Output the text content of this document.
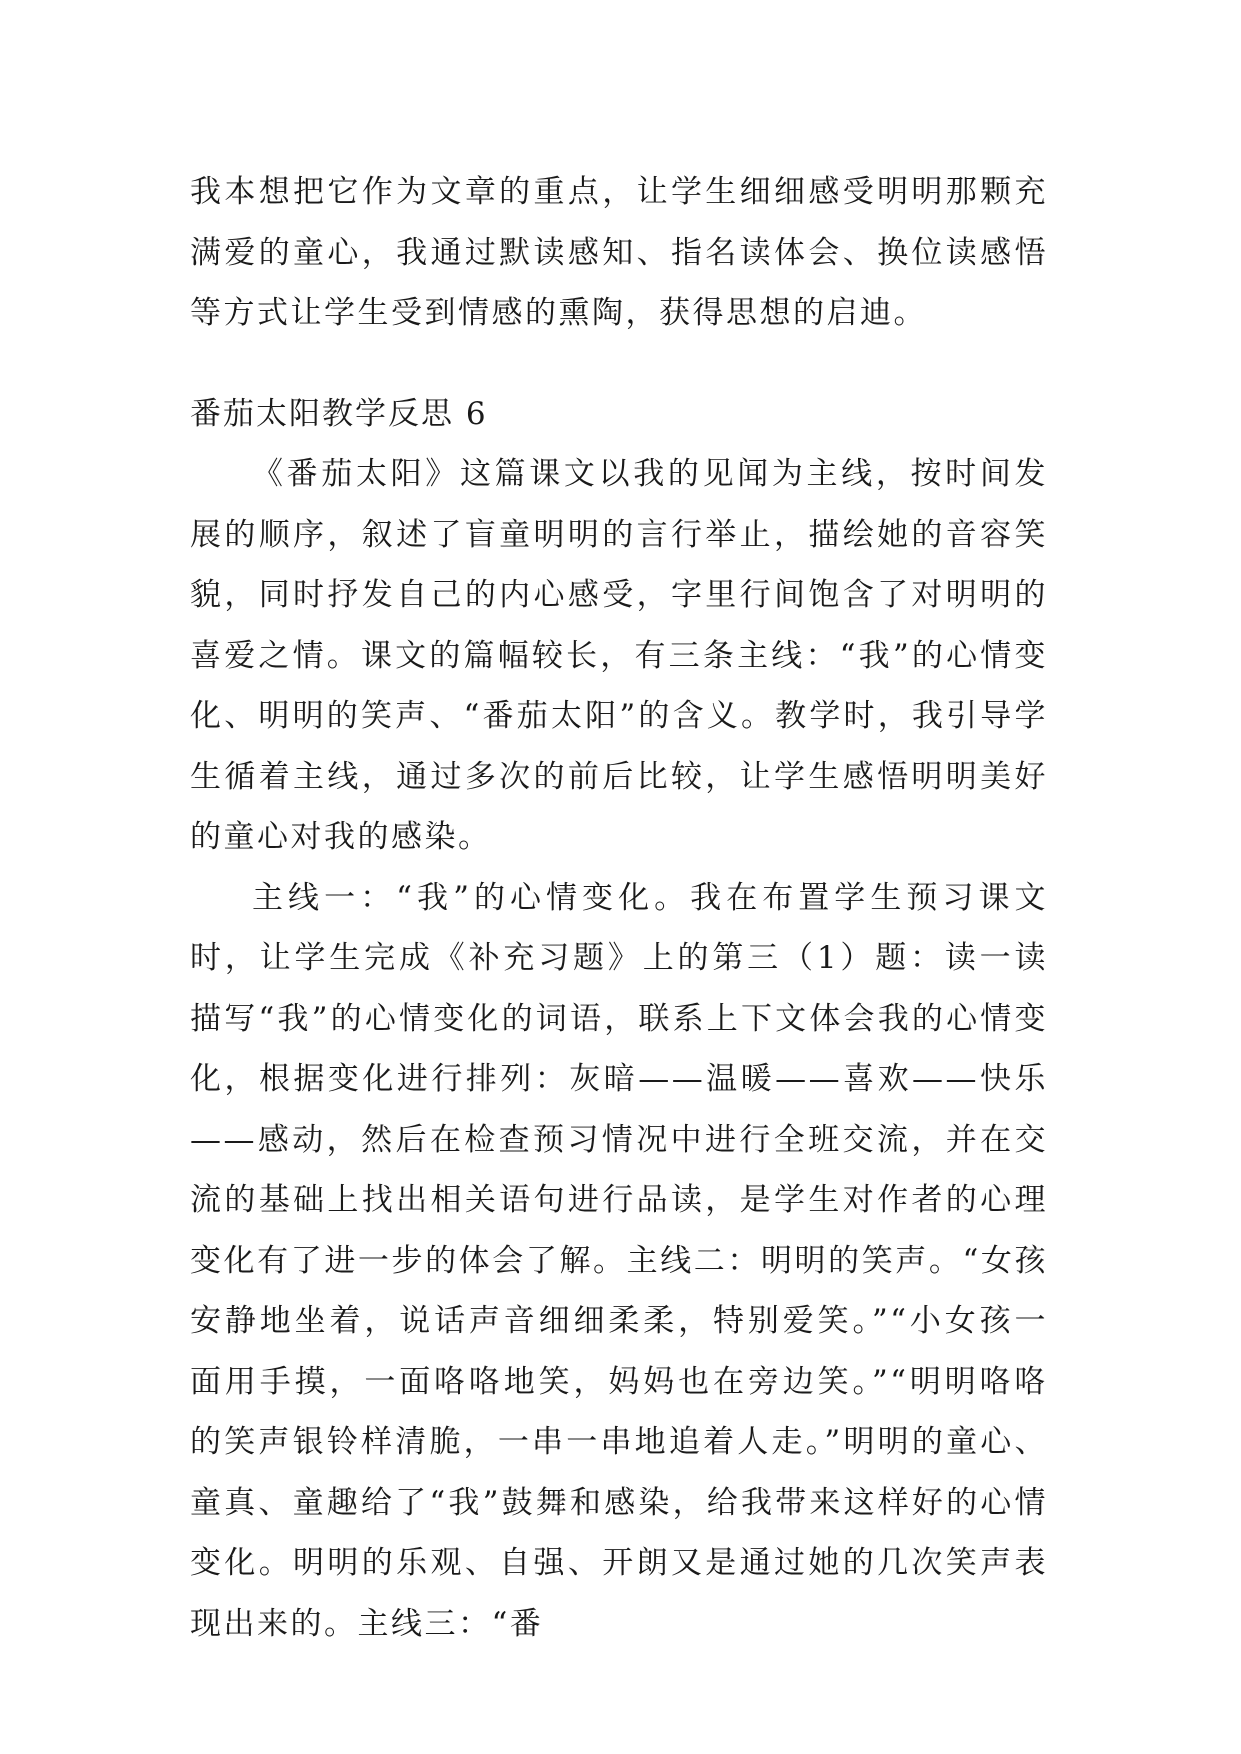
我本想把它作为文章的重点，让学生细细感受明明那颗充满爱的童心，我通过默读感知、指名读体会、换位读感悟等方式让学生受到情感的熏陶，获得思想的启迪。

番茄太阳教学反思 6

《番茄太阳》这篇课文以我的见闻为主线，按时间发展的顺序，叙述了盲童明明的言行举止，描绘她的音容笑貌，同时抒发自己的内心感受，字里行间饱含了对明明的喜爱之情。课文的篇幅较长，有三条主线：“我”的心情变化、明明的笑声、“番茄太阳”的含义。教学时，我引导学生循着主线，通过多次的前后比较，让学生感悟明明美好的童心对我的感染。

主线一：“我”的心情变化。我在布置学生预习课文时，让学生完成《补充习题》上的第三（1）题：读一读描写“我”的心情变化的词语，联系上下文体会我的心情变化，根据变化进行排列：灰暗——温暖——喜欢——快乐——感动，然后在检查预习情况中进行全班交流，并在交流的基础上找出相关语句进行品读，是学生对作者的心理变化有了进一步的体会了解。主线二：明明的笑声。“女孩安静地坐着，说话声音细细柔柔，特别爱笑。”“小女孩一面用手摸，一面咯咯地笑，妈妈也在旁边笑。”“明明咯咯的笑声银铃样清脆，一串一串地追着人走。”明明的童心、童真、童趣给了“我”鼓舞和感染，给我带来这样好的心情变化。明明的乐观、自强、开朗又是通过她的几次笑声表现出来的。主线三：“番
